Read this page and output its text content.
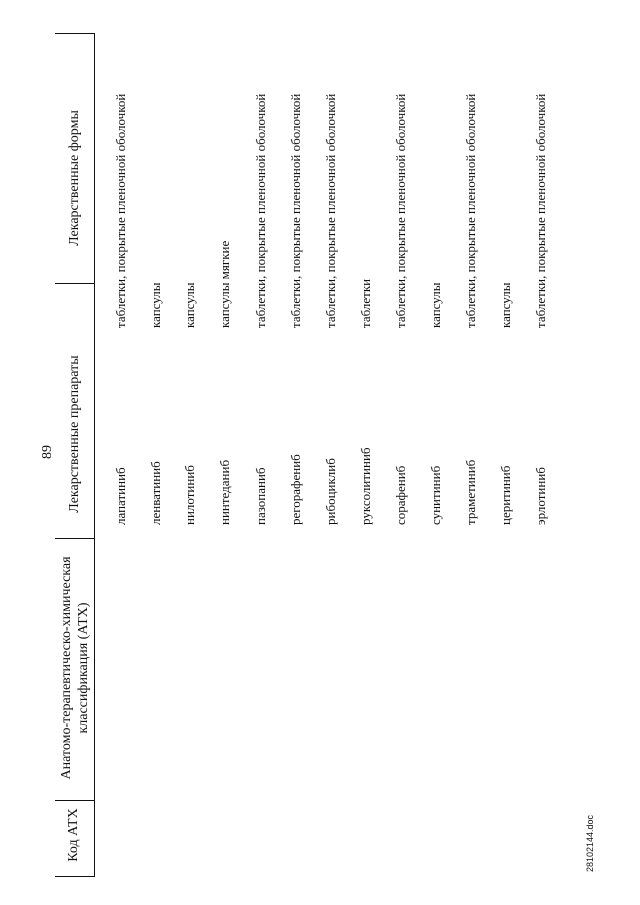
89
Код АТХ
Анатомо-терапевтическо-химическая классификация (АТХ)
Лекарственные препараты
Лекарственные формы
лапатиниб ленватиниб нилотиниб нинтеданиб пазопаниб регорафениб рибоциклиб руксолитиниб сорафениб сунитиниб траметиниб церитиниб эрлотиниб
таблетки, покрытые пленочной оболочкой капсулы капсулы капсулы мягкие таблетки, покрытые пленочной оболочкой таблетки, покрытые пленочной оболочкой таблетки, покрытые пленочной оболочкой таблетки таблетки, покрытые пленочной оболочкой капсулы таблетки, покрытые пленочной оболочкой капсулы таблетки, покрытые пленочной оболочкой
28102144.doc
